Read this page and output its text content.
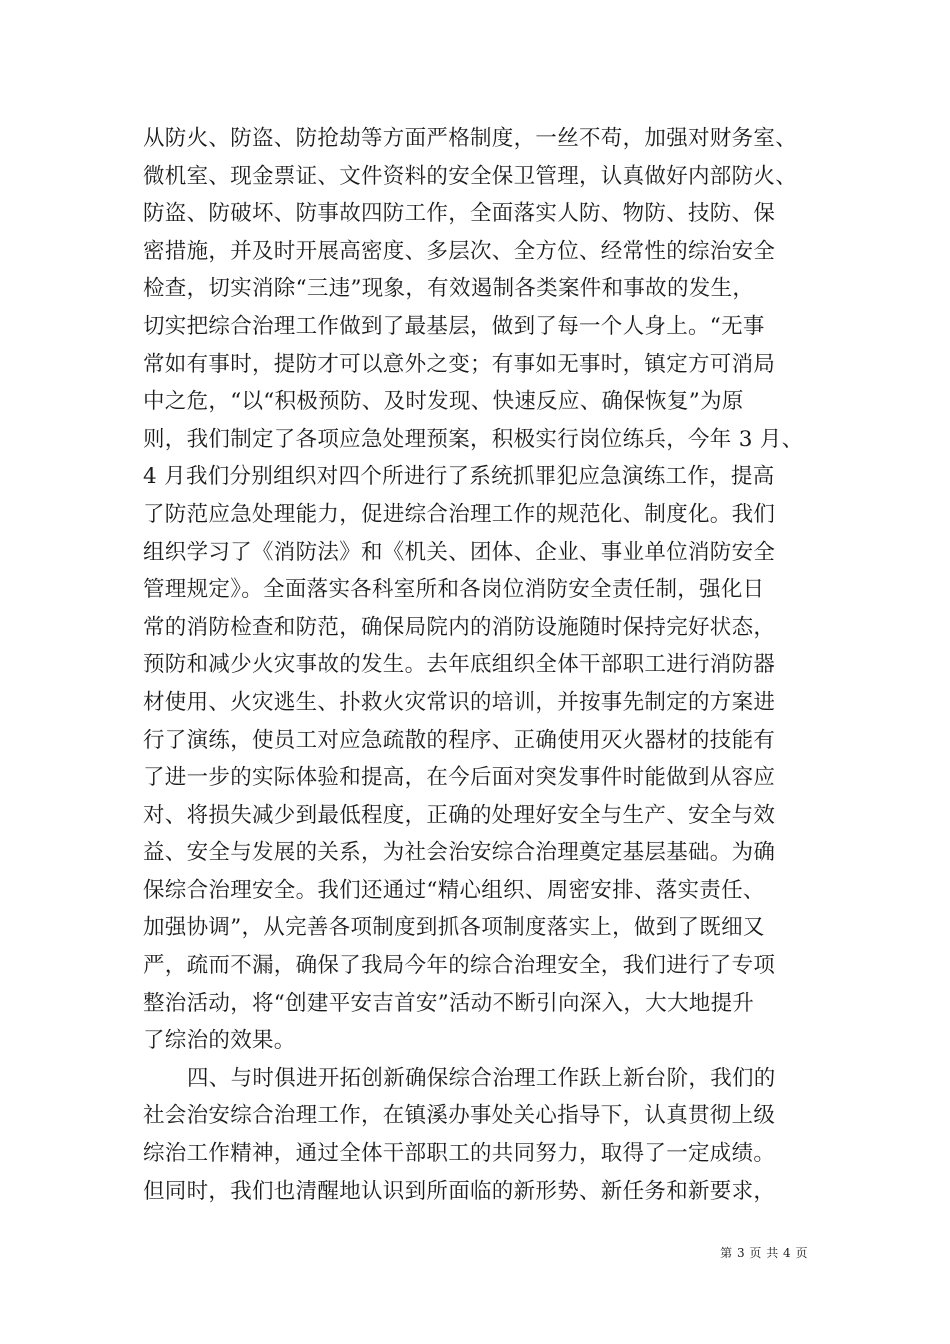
从防火、防盗、防抢劫等方面严格制度，一丝不苟，加强对财务室、
微机室、现金票证、文件资料的安全保卫管理，认真做好内部防火、
防盗、防破坏、防事故四防工作，全面落实人防、物防、技防、保
密措施，并及时开展高密度、多层次、全方位、经常性的综治安全
检查，切实消除“三违”现象，有效遏制各类案件和事故的发生，
切实把综合治理工作做到了最基层，做到了每一个人身上。“无事
常如有事时，提防才可以意外之变；有事如无事时，镇定方可消局
中之危，“以“积极预防、及时发现、快速反应、确保恢复”为原
则，我们制定了各项应急处理预案，积极实行岗位练兵，今年 3 月、
4 月我们分别组织对四个所进行了系统抓罪犯应急演练工作，提高
了防范应急处理能力，促进综合治理工作的规范化、制度化。我们
组织学习了《消防法》和《机关、团体、企业、事业单位消防安全
管理规定》。全面落实各科室所和各岗位消防安全责任制，强化日
常的消防检查和防范，确保局院内的消防设施随时保持完好状态，
预防和减少火灾事故的发生。去年底组织全体干部职工进行消防器
材使用、火灾逃生、扑救火灾常识的培训，并按事先制定的方案进
行了演练，使员工对应急疏散的程序、正确使用灭火器材的技能有
了进一步的实际体验和提高，在今后面对突发事件时能做到从容应
对、将损失减少到最低程度，正确的处理好安全与生产、安全与效
益、安全与发展的关系，为社会治安综合治理奠定基层基础。为确
保综合治理安全。我们还通过“精心组织、周密安排、落实责任、
加强协调”，从完善各项制度到抓各项制度落实上，做到了既细又
严，疏而不漏，确保了我局今年的综合治理安全，我们进行了专项
整治活动，将“创建平安吉首安”活动不断引向深入，大大地提升
了综治的效果。
四、与时俱进开拓创新确保综合治理工作跃上新台阶，我们的
社会治安综合治理工作，在镇溪办事处关心指导下，认真贯彻上级
综治工作精神，通过全体干部职工的共同努力，取得了一定成绩。
但同时，我们也清醒地认识到所面临的新形势、新任务和新要求，
第 3 页 共 4 页
